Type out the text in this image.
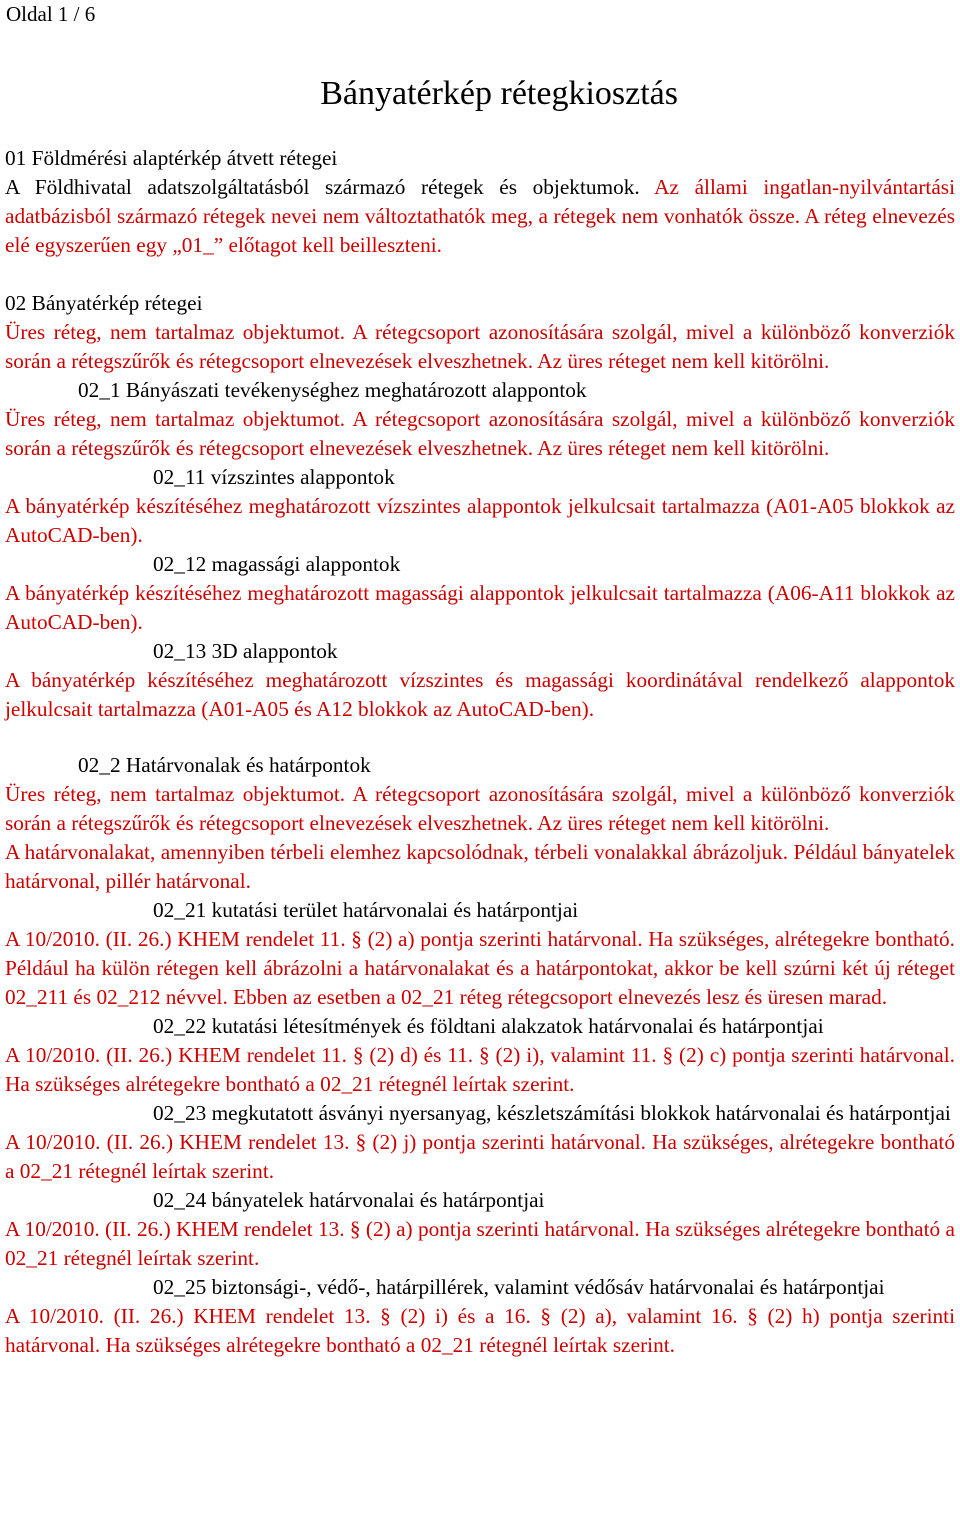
Oldal 1 / 6
Bányatérkép rétegkiosztás

01 Földmérési alaptérkép átvett rétegei

A Földhivatal adatszolgáltatásból származó rétegek és objektumok. Az állami ingatlan-nyilvántartási adatbázisból származó rétegek nevei nem változtathatók meg, a rétegek nem vonhatók össze. A réteg elnevezés elé egyszerűen egy „01_” előtagot kell beilleszteni.

02 Bányatérkép rétegei

Üres réteg, nem tartalmaz objektumot. A rétegcsoport azonosítására szolgál, mivel a különböző konverziók során a rétegszűrők és rétegcsoport elnevezések elveszhetnek. Az üres réteget nem kell kitörölni.

02_1 Bányászati tevékenységhez meghatározott alappontok

Üres réteg, nem tartalmaz objektumot. A rétegcsoport azonosítására szolgál, mivel a különböző konverziók során a rétegszűrők és rétegcsoport elnevezések elveszhetnek. Az üres réteget nem kell kitörölni.

02_11 vízszintes alappontok

A bányatérkép készítéséhez meghatározott vízszintes alappontok jelkulcsait tartalmazza (A01-A05 blokkok az AutoCAD-ben).

02_12 magassági alappontok

A bányatérkép készítéséhez meghatározott magassági alappontok jelkulcsait tartalmazza (A06-A11 blokkok az AutoCAD-ben).

02_13 3D alappontok

A bányatérkép készítéséhez meghatározott vízszintes és magassági koordinátával rendelkező alappontok jelkulcsait tartalmazza (A01-A05 és A12 blokkok az AutoCAD-ben).

02_2 Határvonalak és határpontok

Üres réteg, nem tartalmaz objektumot. A rétegcsoport azonosítására szolgál, mivel a különböző konverziók során a rétegszűrők és rétegcsoport elnevezések elveszhetnek. Az üres réteget nem kell kitörölni.

A határvonalakat, amennyiben térbeli elemhez kapcsolódnak, térbeli vonalakkal ábrázoljuk. Például bányatelek határvonal, pillér határvonal.

02_21 kutatási terület határvonalai és határpontjai

A 10/2010. (II. 26.) KHEM rendelet 11. § (2) a) pontja szerinti határvonal. Ha szükséges, alrétegekre bontható. Például ha külön rétegen kell ábrázolni a határvonalakat és a határpontokat, akkor be kell szúrni két új réteget 02_211 és 02_212 névvel. Ebben az esetben a 02_21 réteg rétegcsoport elnevezés lesz és üresen marad.

02_22 kutatási létesítmények és földtani alakzatok határvonalai és határpontjai

A 10/2010. (II. 26.) KHEM rendelet 11. § (2) d) és 11. § (2) i), valamint 11. § (2) c) pontja szerinti határvonal. Ha szükséges alrétegekre bontható a 02_21 rétegnél leírtak szerint.

02_23 megkutatott ásványi nyersanyag, készletszámítási blokkok határvonalai és határpontjai

A 10/2010. (II. 26.) KHEM rendelet 13. § (2) j) pontja szerinti határvonal. Ha szükséges, alrétegekre bontható a 02_21 rétegnél leírtak szerint.

02_24 bányatelek határvonalai és határpontjai

A 10/2010. (II. 26.) KHEM rendelet 13. § (2) a) pontja szerinti határvonal. Ha szükséges alrétegekre bontható a 02_21 rétegnél leírtak szerint.

02_25 biztonsági-, védő-, határpillérek, valamint védősáv határvonalai és határpontjai

A 10/2010. (II. 26.) KHEM rendelet 13. § (2) i) és a 16. § (2) a), valamint 16. § (2) h) pontja szerinti határvonal. Ha szükséges alrétegekre bontható a 02_21 rétegnél leírtak szerint.
